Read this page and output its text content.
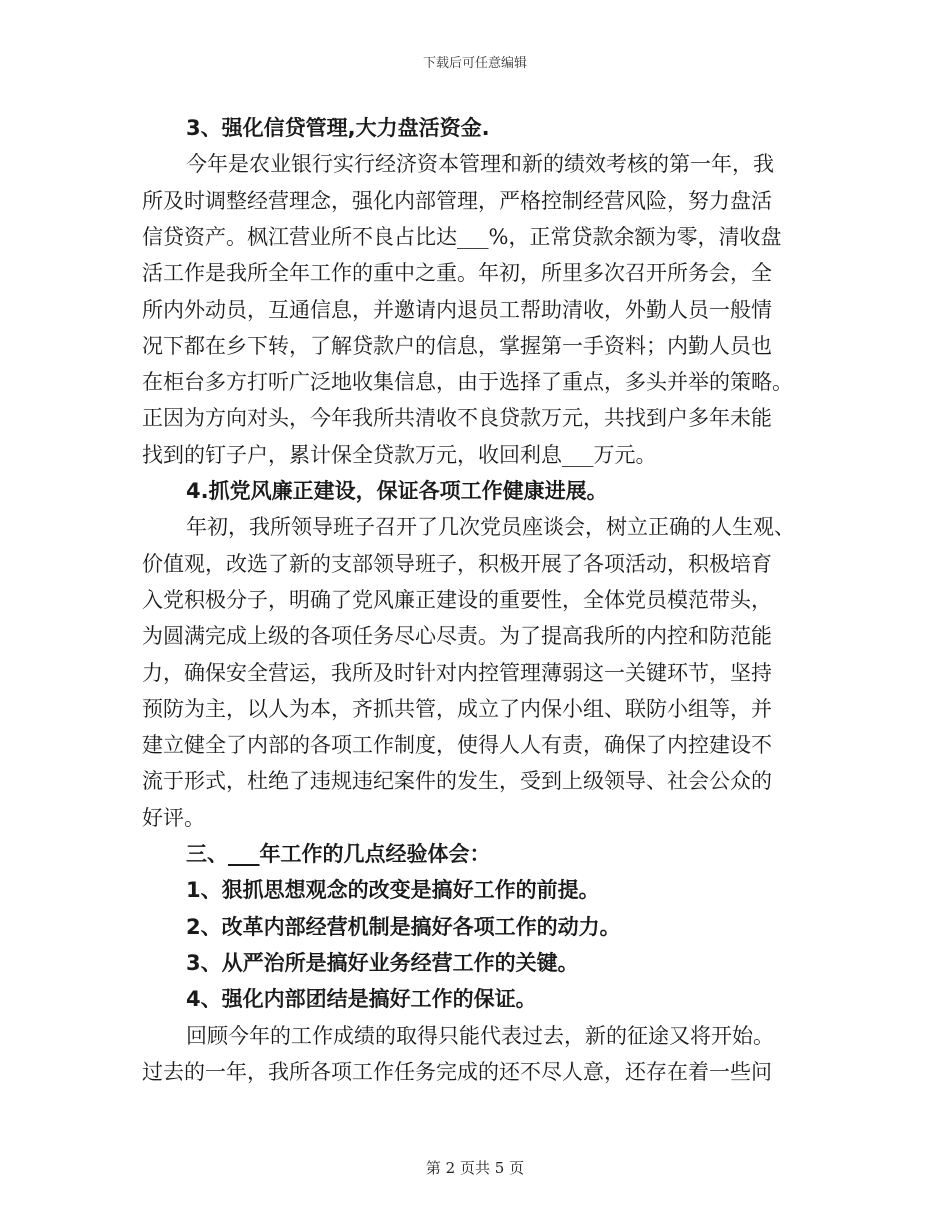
下载后可任意编辑
3、强化信贷管理,大力盘活资金.
今年是农业银行实行经济资本管理和新的绩效考核的第一年，我
所及时调整经营理念，强化内部管理，严格控制经营风险，努力盘活
信贷资产。枫江营业所不良占比达___%，正常贷款余额为零，清收盘
活工作是我所全年工作的重中之重。年初，所里多次召开所务会，全
所内外动员，互通信息，并邀请内退员工帮助清收，外勤人员一般情
况下都在乡下转，了解贷款户的信息，掌握第一手资料；内勤人员也
在柜台多方打听广泛地收集信息，由于选择了重点，多头并举的策略。
正因为方向对头，今年我所共清收不良贷款万元，共找到户多年未能
找到的钉子户，累计保全贷款万元，收回利息___万元。
4.抓党风廉正建设，保证各项工作健康进展。
年初，我所领导班子召开了几次党员座谈会，树立正确的人生观、
价值观，改选了新的支部领导班子，积极开展了各项活动，积极培育
入党积极分子，明确了党风廉正建设的重要性，全体党员模范带头，
为圆满完成上级的各项任务尽心尽责。为了提高我所的内控和防范能
力，确保安全营运，我所及时针对内控管理薄弱这一关键环节，坚持
预防为主，以人为本，齐抓共管，成立了内保小组、联防小组等，并
建立健全了内部的各项工作制度，使得人人有责，确保了内控建设不
流于形式，杜绝了违规违纪案件的发生，受到上级领导、社会公众的
好评。
三、___年工作的几点经验体会：
1、狠抓思想观念的改变是搞好工作的前提。
2、改革内部经营机制是搞好各项工作的动力。
3、从严治所是搞好业务经营工作的关键。
4、强化内部团结是搞好工作的保证。
回顾今年的工作成绩的取得只能代表过去，新的征途又将开始。
过去的一年，我所各项工作任务完成的还不尽人意，还存在着一些问
第 2 页共 5 页
